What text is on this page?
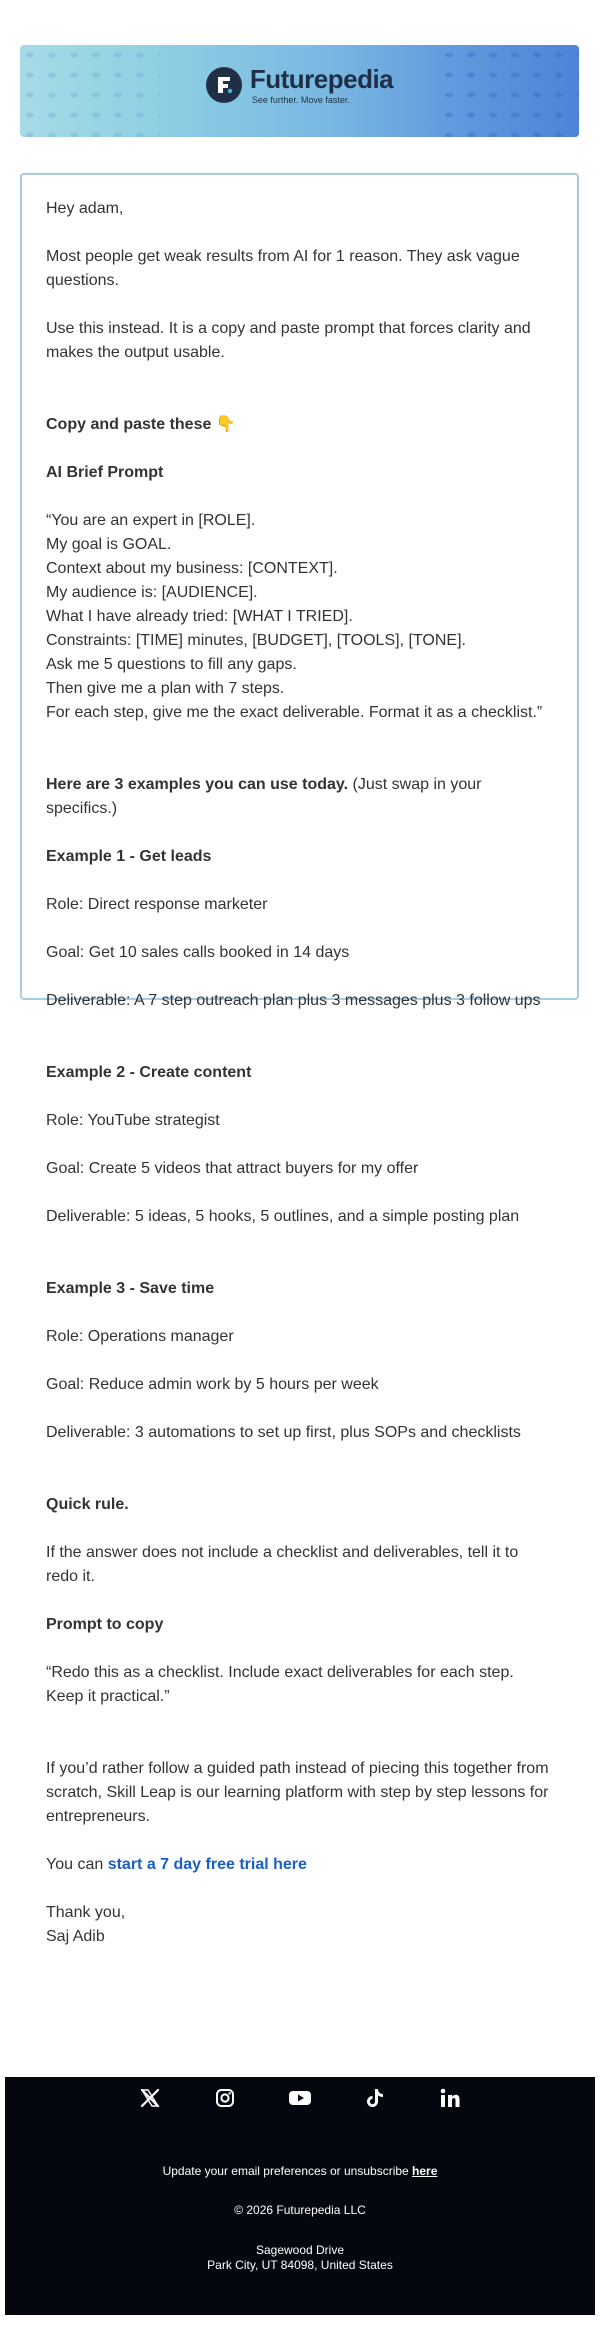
Futurepedia
See further. Move faster.

Hey adam,

Most people get weak results from AI for 1 reason. They ask vague questions.

Use this instead. It is a copy and paste prompt that forces clarity and makes the output usable.

Copy and paste these 👇

AI Brief Prompt

“You are an expert in [ROLE].
My goal is GOAL.
Context about my business: [CONTEXT].
My audience is: [AUDIENCE].
What I have already tried: [WHAT I TRIED].
Constraints: [TIME] minutes, [BUDGET], [TOOLS], [TONE].
Ask me 5 questions to fill any gaps.
Then give me a plan with 7 steps.
For each step, give me the exact deliverable. Format it as a checklist.”

Here are 3 examples you can use today. (Just swap in your specifics.)

Example 1 - Get leads

Role: Direct response marketer

Goal: Get 10 sales calls booked in 14 days

Deliverable: A 7 step outreach plan plus 3 messages plus 3 follow ups

Example 2 - Create content

Role: YouTube strategist

Goal: Create 5 videos that attract buyers for my offer

Deliverable: 5 ideas, 5 hooks, 5 outlines, and a simple posting plan

Example 3 - Save time

Role: Operations manager

Goal: Reduce admin work by 5 hours per week

Deliverable: 3 automations to set up first, plus SOPs and checklists

Quick rule.

If the answer does not include a checklist and deliverables, tell it to redo it.

Prompt to copy

“Redo this as a checklist. Include exact deliverables for each step. Keep it practical.”

If you’d rather follow a guided path instead of piecing this together from scratch, Skill Leap is our learning platform with step by step lessons for entrepreneurs.

You can start a 7 day free trial here

Thank you,
Saj Adib

Update your email preferences or unsubscribe here
© 2026 Futurepedia LLC
Sagewood Drive
Park City, UT 84098, United States
